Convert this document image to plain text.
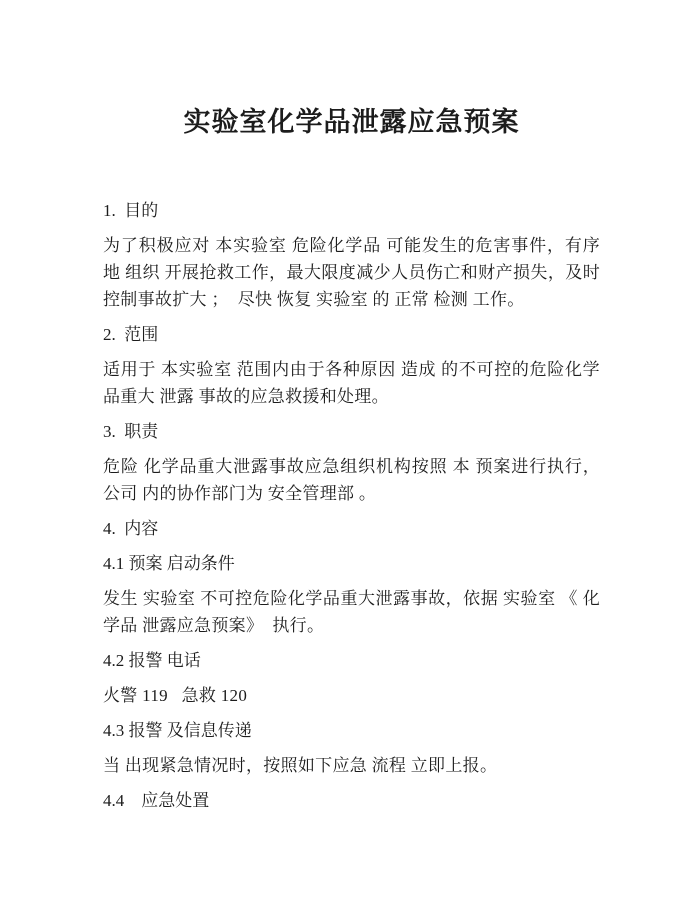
实验室化学品泄露应急预案
1.  目的

为了积极应对 本实验室 危险化学品 可能发生的危害事件，有序地 组织 开展抢救工作，最大限度减少人员伤亡和财产损失，及时控制事故扩大 ；  尽快 恢复 实验室 的 正常 检测 工作。

2.  范围

适用于 本实验室 范围内由于各种原因 造成 的不可控的危险化学品重大 泄露 事故的应急救援和处理。

3.  职责

危险 化学品重大泄露事故应急组织机构按照 本 预案进行执行， 公司 内的协作部门为 安全管理部 。

4.  内容
4.1 预案 启动条件

发生 实验室 不可控危险化学品重大泄露事故，依据 实验室 《 化学品 泄露应急预案》  执行。

4.2 报警 电话

火警 119   急救 120

4.3 报警 及信息传递

当 出现紧急情况时，按照如下应急 流程 立即上报。

4.4    应急处置
